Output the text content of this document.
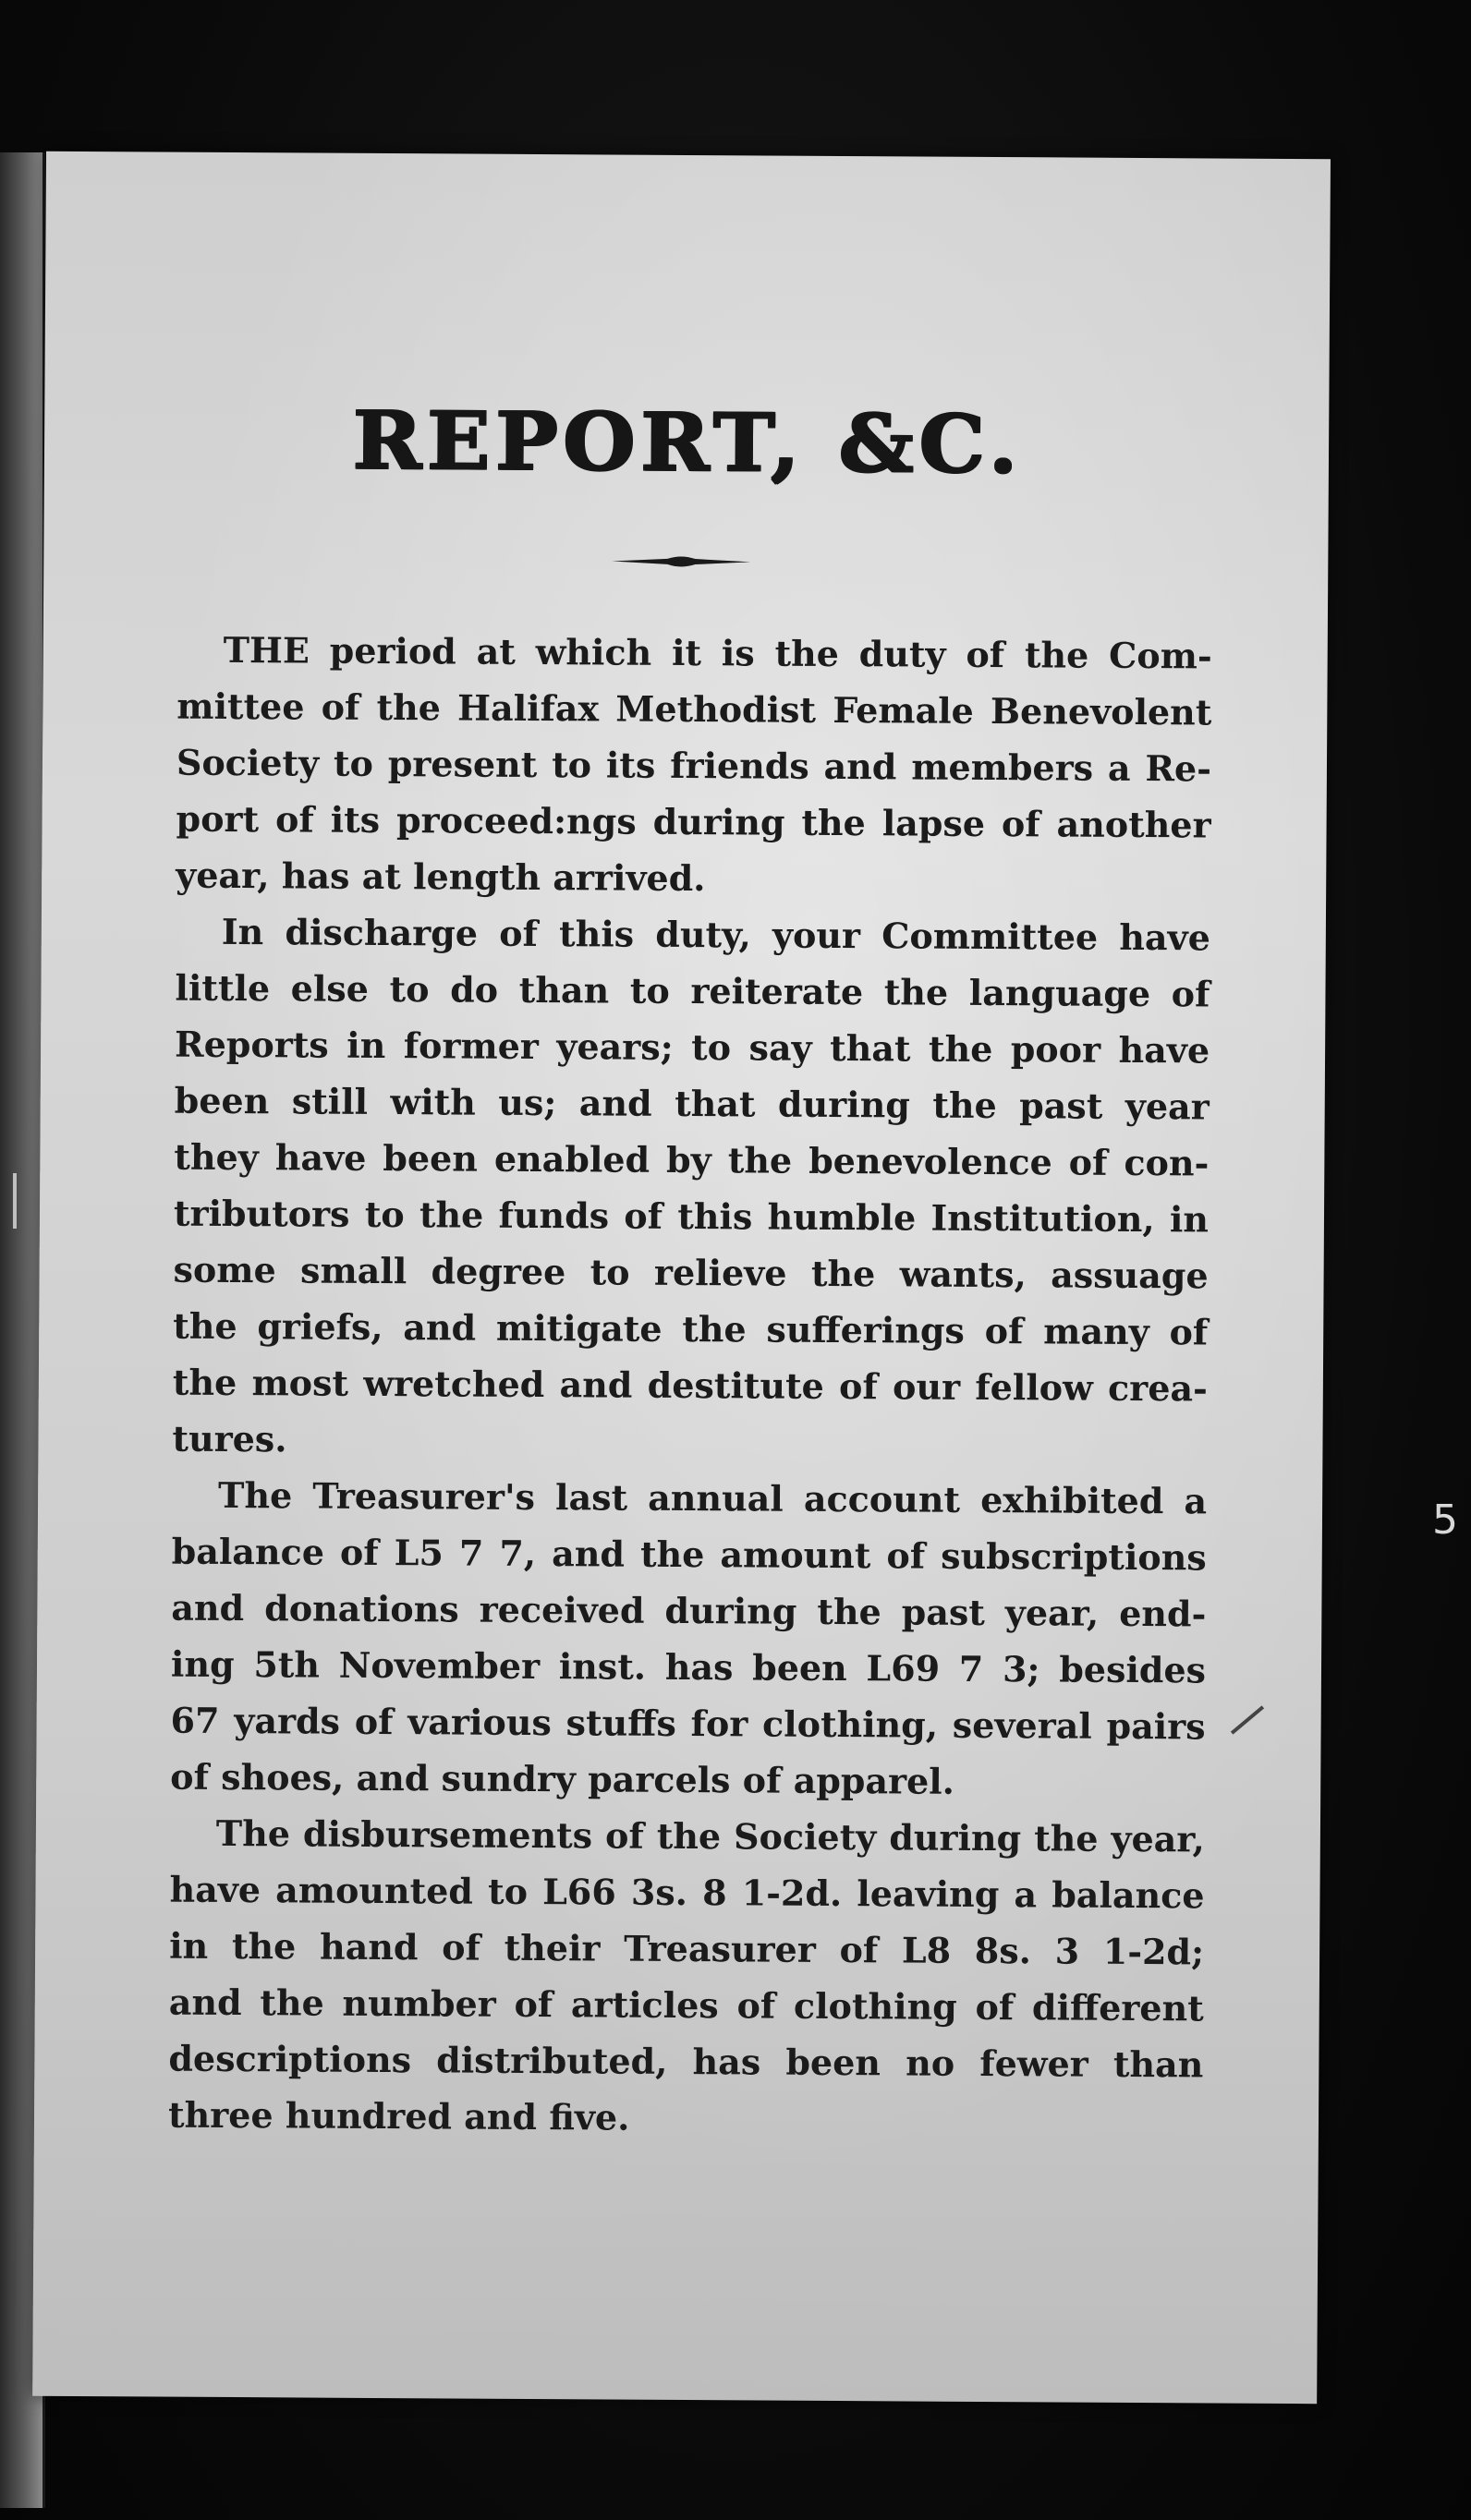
REPORT, &C.
THE period at which it is the duty of the Com-
mittee of the Halifax Methodist Female Benevolent
Society to present to its friends and members a Re-
port of its proceed:ngs during the lapse of another
year, has at length arrived.
In discharge of this duty, your Committee have
little else to do than to reiterate the language of
Reports in former years; to say that the poor have
been still with us; and that during the past year
they have been enabled by the benevolence of con-
tributors to the funds of this humble Institution, in
some small degree to relieve the wants, assuage
the griefs, and mitigate the sufferings of many of
the most wretched and destitute of our fellow crea-
tures.
The Treasurer's last annual account exhibited a
balance of L5 7 7, and the amount of subscriptions
and donations received during the past year, end-
ing 5th November inst. has been L69 7 3; besides
67 yards of various stuffs for clothing, several pairs
of shoes, and sundry parcels of apparel.
The disbursements of the Society during the year,
have amounted to L66 3s. 8 1-2d. leaving a balance
in the hand of their Treasurer of L8 8s. 3 1-2d;
and the number of articles of clothing of different
descriptions distributed, has been no fewer than
three hundred and five.
5
